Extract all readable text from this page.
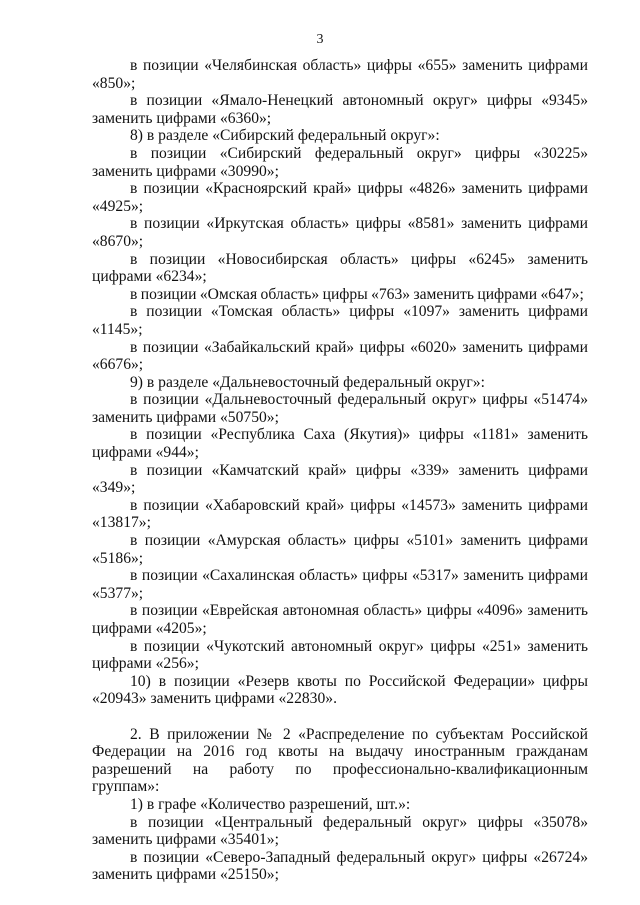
3

в позиции «Челябинская область» цифры «655» заменить цифрами «850»;

в позиции «Ямало-Ненецкий автономный округ» цифры «9345» заменить цифрами «6360»;

8) в разделе «Сибирский федеральный округ»:

в позиции «Сибирский федеральный округ» цифры «30225» заменить цифрами «30990»;

в позиции «Красноярский край» цифры «4826» заменить цифрами «4925»;

в позиции «Иркутская область» цифры «8581» заменить цифрами «8670»;

в позиции «Новосибирская область» цифры «6245» заменить цифрами «6234»;

в позиции «Омская область» цифры «763» заменить цифрами «647»;

в позиции «Томская область» цифры «1097» заменить цифрами «1145»;

в позиции «Забайкальский край» цифры «6020» заменить цифрами «6676»;

9) в разделе «Дальневосточный федеральный округ»:

в позиции «Дальневосточный федеральный округ» цифры «51474» заменить цифрами «50750»;

в позиции «Республика Саха (Якутия)» цифры «1181» заменить цифрами «944»;

в позиции «Камчатский край» цифры «339» заменить цифрами «349»;

в позиции «Хабаровский край» цифры «14573» заменить цифрами «13817»;

в позиции «Амурская область» цифры «5101» заменить цифрами «5186»;

в позиции «Сахалинская область» цифры «5317» заменить цифрами «5377»;

в позиции «Еврейская автономная область» цифры «4096» заменить цифрами «4205»;

в позиции «Чукотский автономный округ» цифры «251» заменить цифрами «256»;

10) в позиции «Резерв квоты по Российской Федерации» цифры «20943» заменить цифрами «22830».

2. В приложении № 2 «Распределение по субъектам Российской Федерации на 2016 год квоты на выдачу иностранным гражданам разрешений на работу по профессионально-квалификационным группам»:

1) в графе «Количество разрешений, шт.»:

в позиции «Центральный федеральный округ» цифры «35078» заменить цифрами «35401»;

в позиции «Северо-Западный федеральный округ» цифры «26724» заменить цифрами «25150»;
